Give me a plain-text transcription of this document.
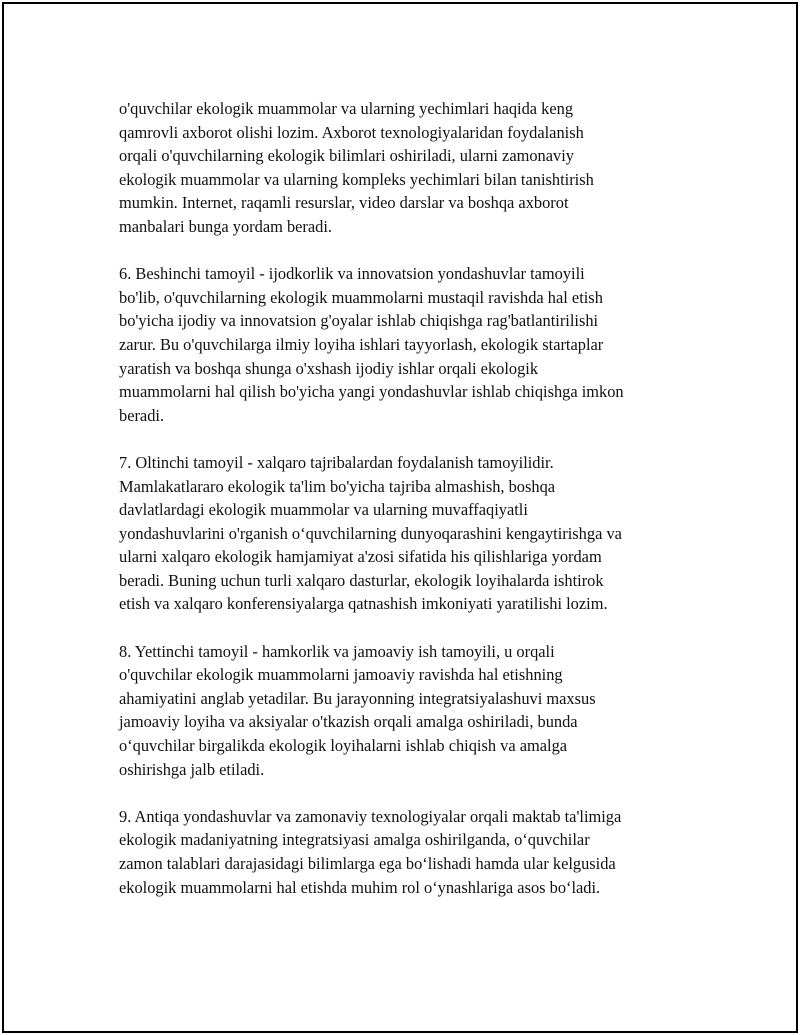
o'quvchilar ekologik muammolar va ularning yechimlari haqida keng
qamrovli axborot olishi lozim. Axborot texnologiyalaridan foydalanish
orqali o'quvchilarning ekologik bilimlari oshiriladi, ularni zamonaviy
ekologik muammolar va ularning kompleks yechimlari bilan tanishtirish
mumkin. Internet, raqamli resurslar, video darslar va boshqa axborot
manbalari bunga yordam beradi.

6. Beshinchi tamoyil - ijodkorlik va innovatsion yondashuvlar tamoyili
bo'lib, o'quvchilarning ekologik muammolarni mustaqil ravishda hal etish
bo'yicha ijodiy va innovatsion g'oyalar ishlab chiqishga rag'batlantirilishi
zarur. Bu o'quvchilarga ilmiy loyiha ishlari tayyorlash, ekologik startaplar
yaratish va boshqa shunga o'xshash ijodiy ishlar orqali ekologik
muammolarni hal qilish bo'yicha yangi yondashuvlar ishlab chiqishga imkon
beradi.

7. Oltinchi tamoyil - xalqaro tajribalardan foydalanish tamoyilidir.
Mamlakatlararo ekologik ta'lim bo'yicha tajriba almashish, boshqa
davlatlardagi ekologik muammolar va ularning muvaffaqiyatli
yondashuvlarini o'rganish o‘quvchilarning dunyoqarashini kengaytirishga va
ularni xalqaro ekologik hamjamiyat a'zosi sifatida his qilishlariga yordam
beradi. Buning uchun turli xalqaro dasturlar, ekologik loyihalarda ishtirok
etish va xalqaro konferensiyalarga qatnashish imkoniyati yaratilishi lozim.

8. Yettinchi tamoyil - hamkorlik va jamoaviy ish tamoyili, u orqali
o'quvchilar ekologik muammolarni jamoaviy ravishda hal etishning
ahamiyatini anglab yetadilar. Bu jarayonning integratsiyalashuvi maxsus
jamoaviy loyiha va aksiyalar o'tkazish orqali amalga oshiriladi, bunda
o‘quvchilar birgalikda ekologik loyihalarni ishlab chiqish va amalga
oshirishga jalb etiladi.

9. Antiqa yondashuvlar va zamonaviy texnologiyalar orqali maktab ta'limiga
ekologik madaniyatning integratsiyasi amalga oshirilganda, o‘quvchilar
zamon talablari darajasidagi bilimlarga ega bo‘lishadi hamda ular kelgusida
ekologik muammolarni hal etishda muhim rol o‘ynashlariga asos bo‘ladi.
